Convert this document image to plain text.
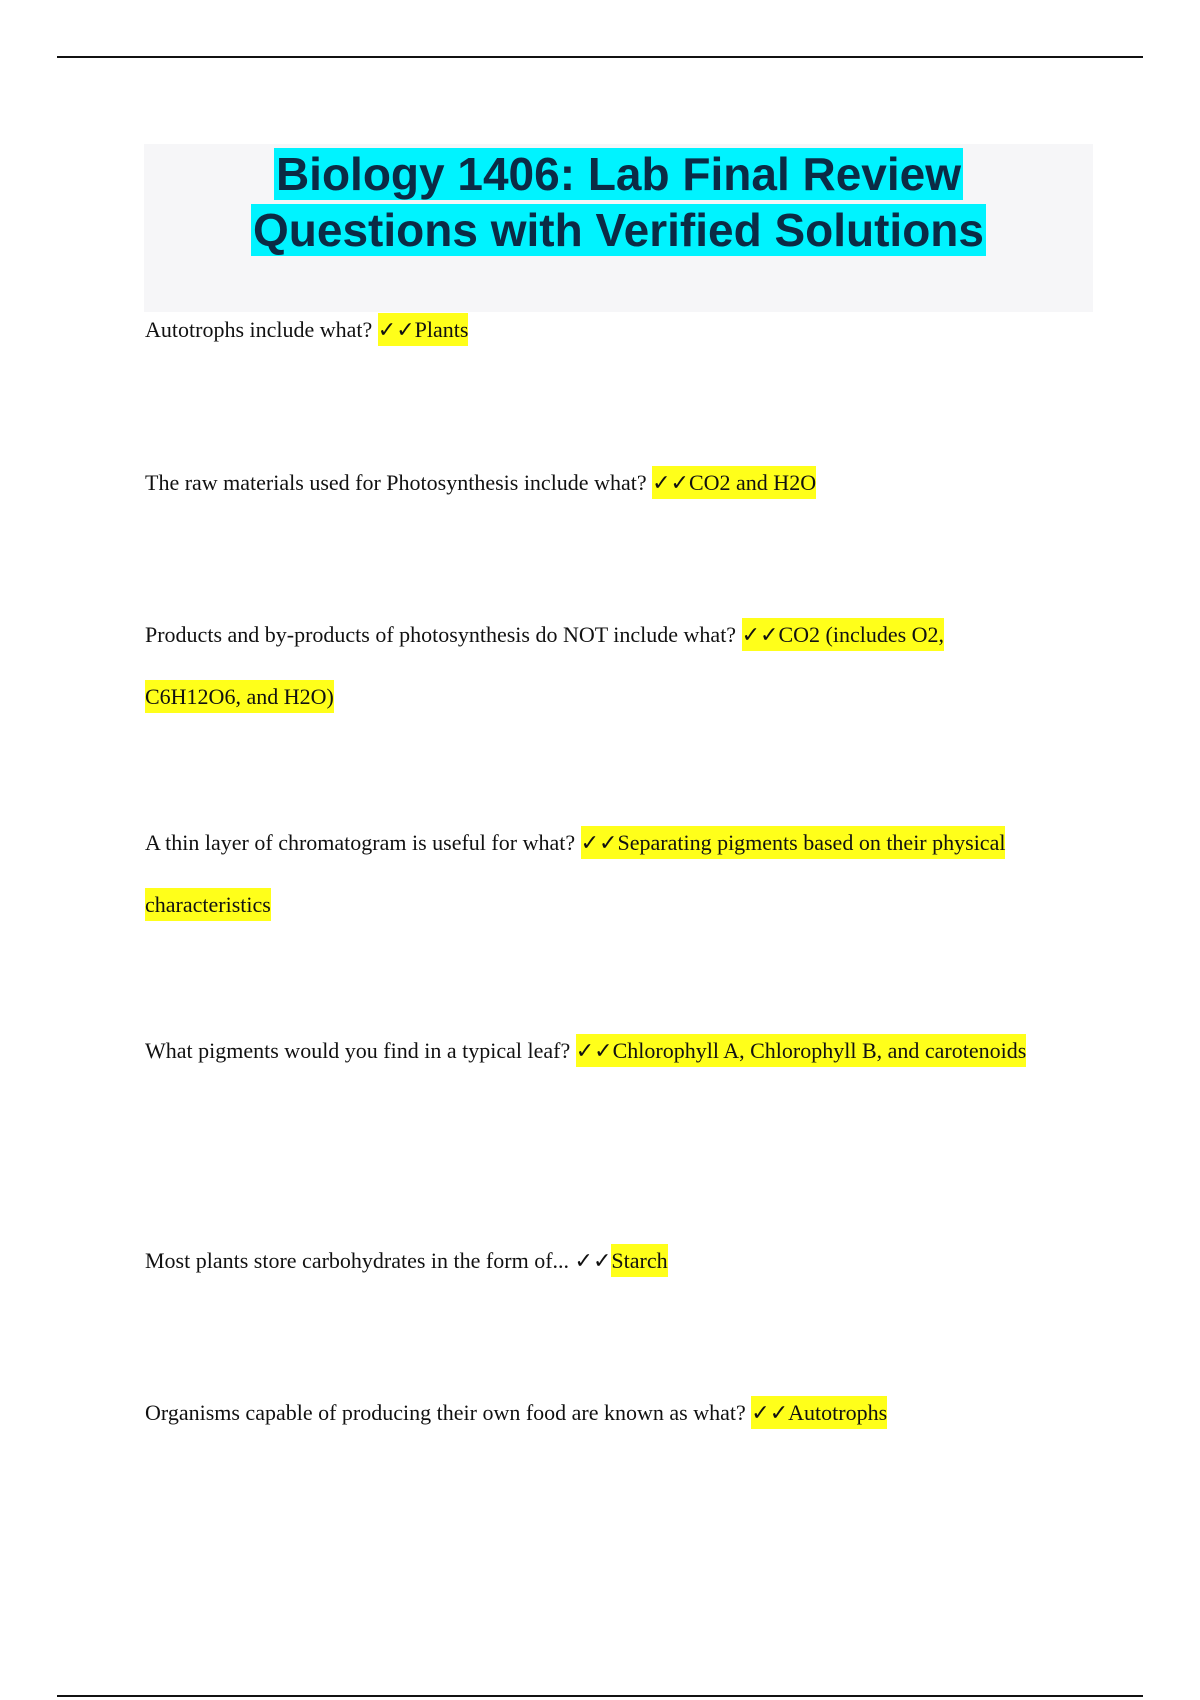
Biology 1406: Lab Final Review
Questions with Verified Solutions

Autotrophs include what? ✓✓Plants

The raw materials used for Photosynthesis include what? ✓✓CO2 and H2O

Products and by-products of photosynthesis do NOT include what? ✓✓CO2 (includes O2, C6H12O6, and H2O)

A thin layer of chromatogram is useful for what? ✓✓Separating pigments based on their physical characteristics

What pigments would you find in a typical leaf? ✓✓Chlorophyll A, Chlorophyll B, and carotenoids

Most plants store carbohydrates in the form of... ✓✓Starch

Organisms capable of producing their own food are known as what? ✓✓Autotrophs
